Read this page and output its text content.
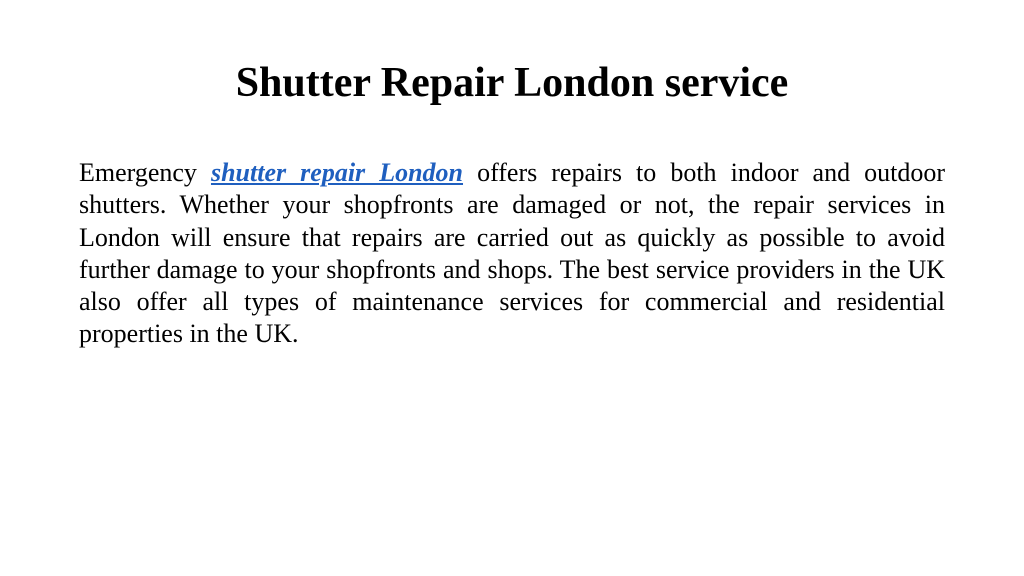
Shutter Repair London service

Emergency shutter repair London offers repairs to both indoor and outdoor shutters. Whether your shopfronts are damaged or not, the repair services in London will ensure that repairs are carried out as quickly as possible to avoid further damage to your shopfronts and shops. The best service providers in the UK also offer all types of maintenance services for commercial and residential properties in the UK.
